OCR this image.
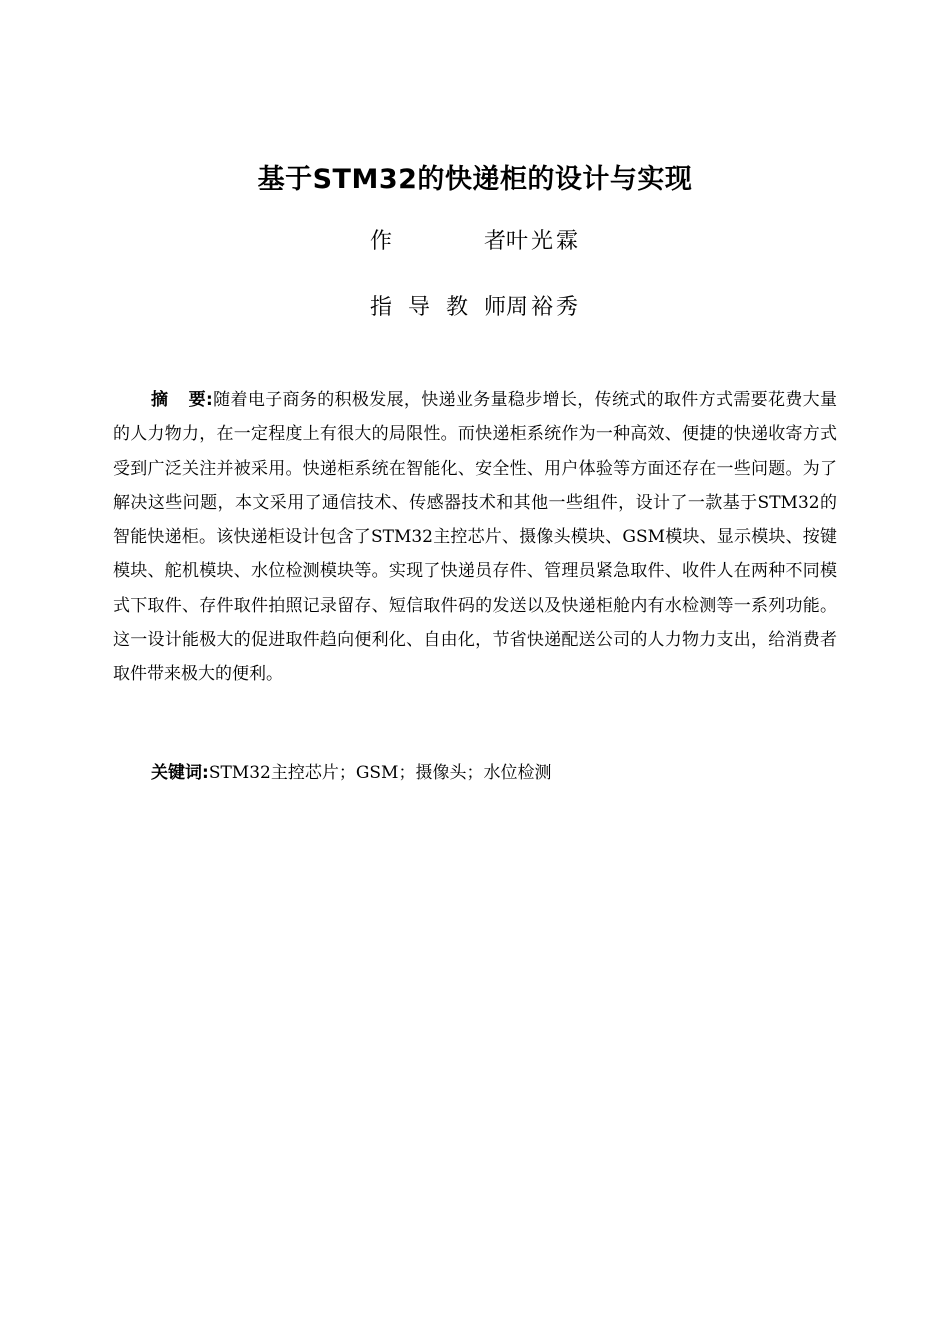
基于STM32的快递柜的设计与实现
作　　者叶光霖
指导教师周裕秀

摘 要:随着电子商务的积极发展，快递业务量稳步增长，传统式的取件方式需要花费大量的人力物力，在一定程度上有很大的局限性。而快递柜系统作为一种高效、便捷的快递收寄方式受到广泛关注并被采用。快递柜系统在智能化、安全性、用户体验等方面还存在一些问题。为了解决这些问题，本文采用了通信技术、传感器技术和其他一些组件，设计了一款基于STM32的智能快递柜。该快递柜设计包含了STM32主控芯片、摄像头模块、GSM模块、显示模块、按键模块、舵机模块、水位检测模块等。实现了快递员存件、管理员紧急取件、收件人在两种不同模式下取件、存件取件拍照记录留存、短信取件码的发送以及快递柜舱内有水检测等一系列功能。这一设计能极大的促进取件趋向便利化、自由化，节省快递配送公司的人力物力支出，给消费者取件带来极大的便利。

关键词:STM32主控芯片；GSM；摄像头；水位检测
